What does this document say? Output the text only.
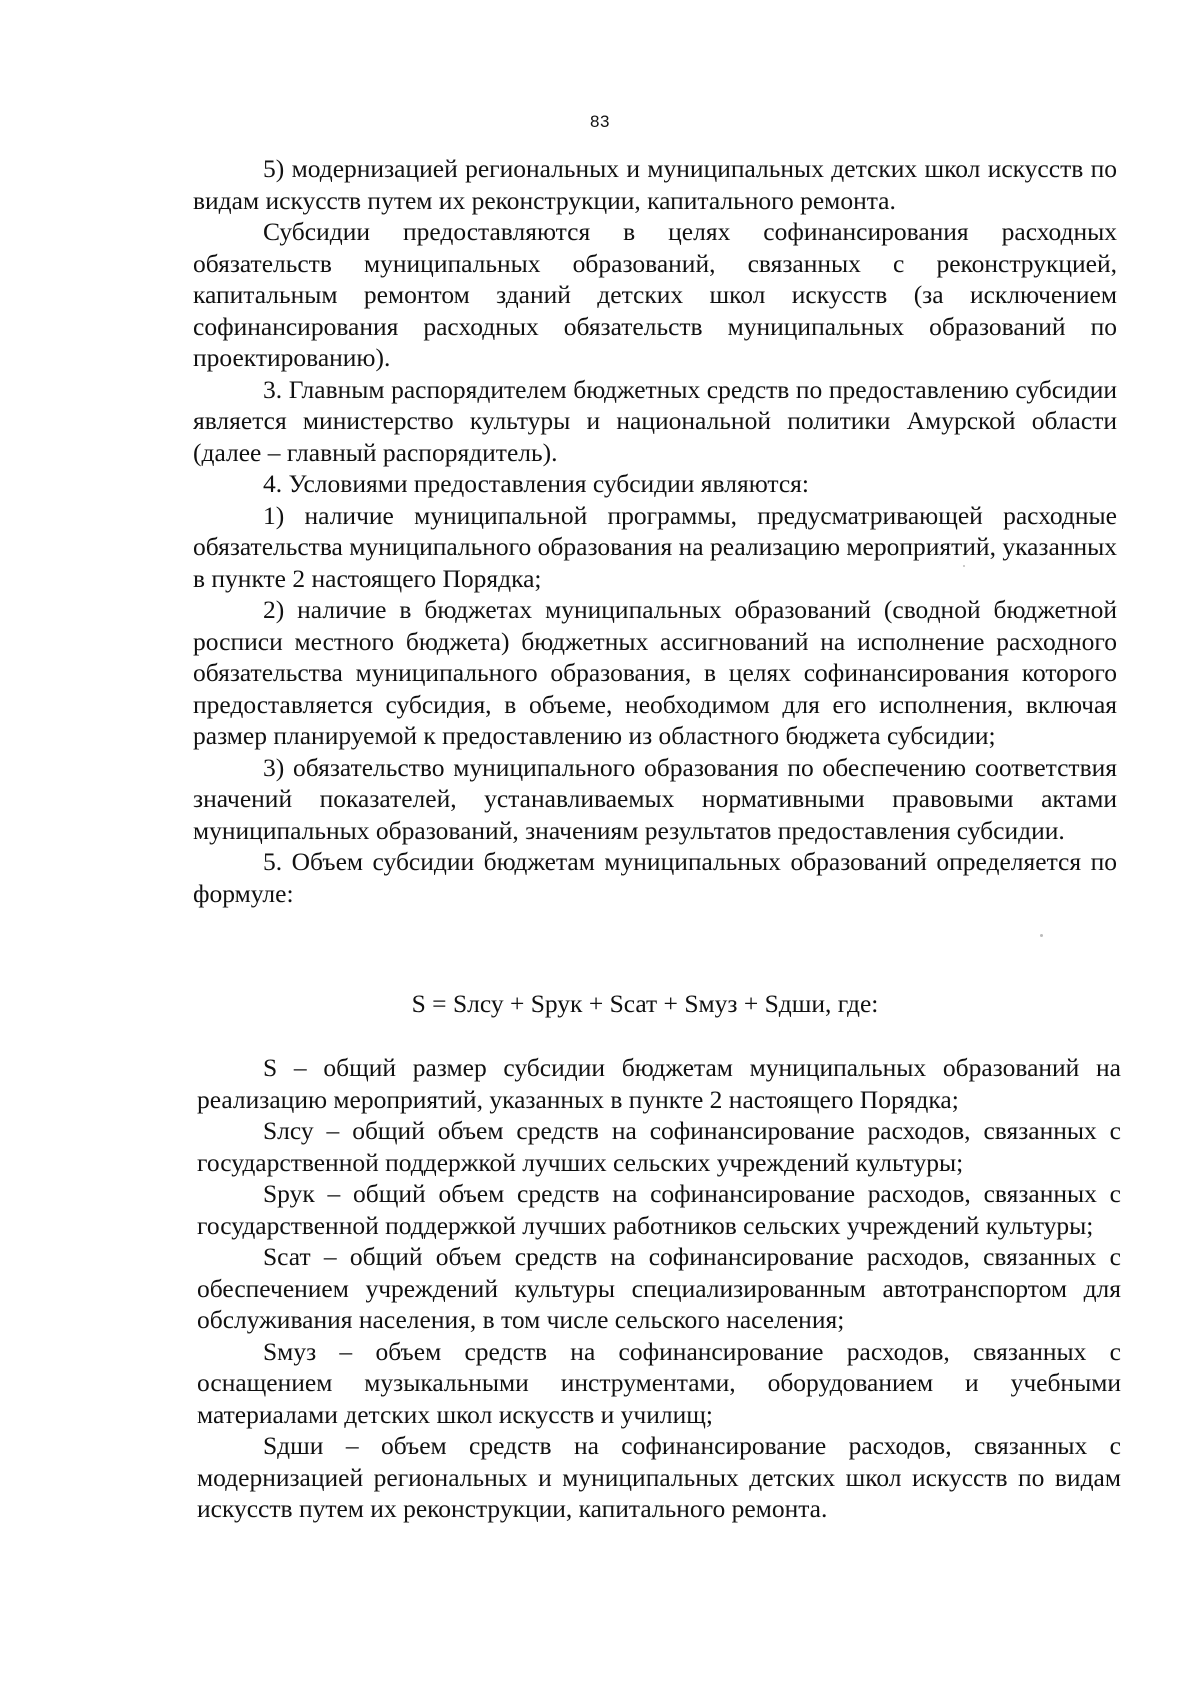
83

5) модернизацией региональных и муниципальных детских школ искусств по видам искусств путем их реконструкции, капитального ремонта.

Субсидии предоставляются в целях софинансирования расходных обязательств муниципальных образований, связанных с реконструкцией, капитальным ремонтом зданий детских школ искусств (за исключением софинансирования расходных обязательств муниципальных образований по проектированию).

3. Главным распорядителем бюджетных средств по предоставлению субсидии является министерство культуры и национальной политики Амурской области (далее – главный распорядитель).

4. Условиями предоставления субсидии являются:

1) наличие муниципальной программы, предусматривающей расходные обязательства муниципального образования на реализацию мероприятий, указанных в пункте 2 настоящего Порядка;

2) наличие в бюджетах муниципальных образований (сводной бюджетной росписи местного бюджета) бюджетных ассигнований на исполнение расходного обязательства муниципального образования, в целях софинансирования которого предоставляется субсидия, в объеме, необходимом для его исполнения, включая размер планируемой к предоставлению из областного бюджета субсидии;

3) обязательство муниципального образования по обеспечению соответствия значений показателей, устанавливаемых нормативными правовыми актами муниципальных образований, значениям результатов предоставления субсидии.

5. Объем субсидии бюджетам муниципальных образований определяется по формуле:

S = Sлсу + Sрук + Sсат + Sмуз + Sдши, где:

S – общий размер субсидии бюджетам муниципальных образований на реализацию мероприятий, указанных в пункте 2 настоящего Порядка;

Sлсу – общий объем средств на софинансирование расходов, связанных с государственной поддержкой лучших сельских учреждений культуры;

Sрук – общий объем средств на софинансирование расходов, связанных с государственной поддержкой лучших работников сельских учреждений культуры;

Sсат – общий объем средств на софинансирование расходов, связанных с обеспечением учреждений культуры специализированным автотранспортом для обслуживания населения, в том числе сельского населения;

Sмуз – объем средств на софинансирование расходов, связанных с оснащением музыкальными инструментами, оборудованием и учебными материалами детских школ искусств и училищ;

Sдши – объем средств на софинансирование расходов, связанных с модернизацией региональных и муниципальных детских школ искусств по видам искусств путем их реконструкции, капитального ремонта.
